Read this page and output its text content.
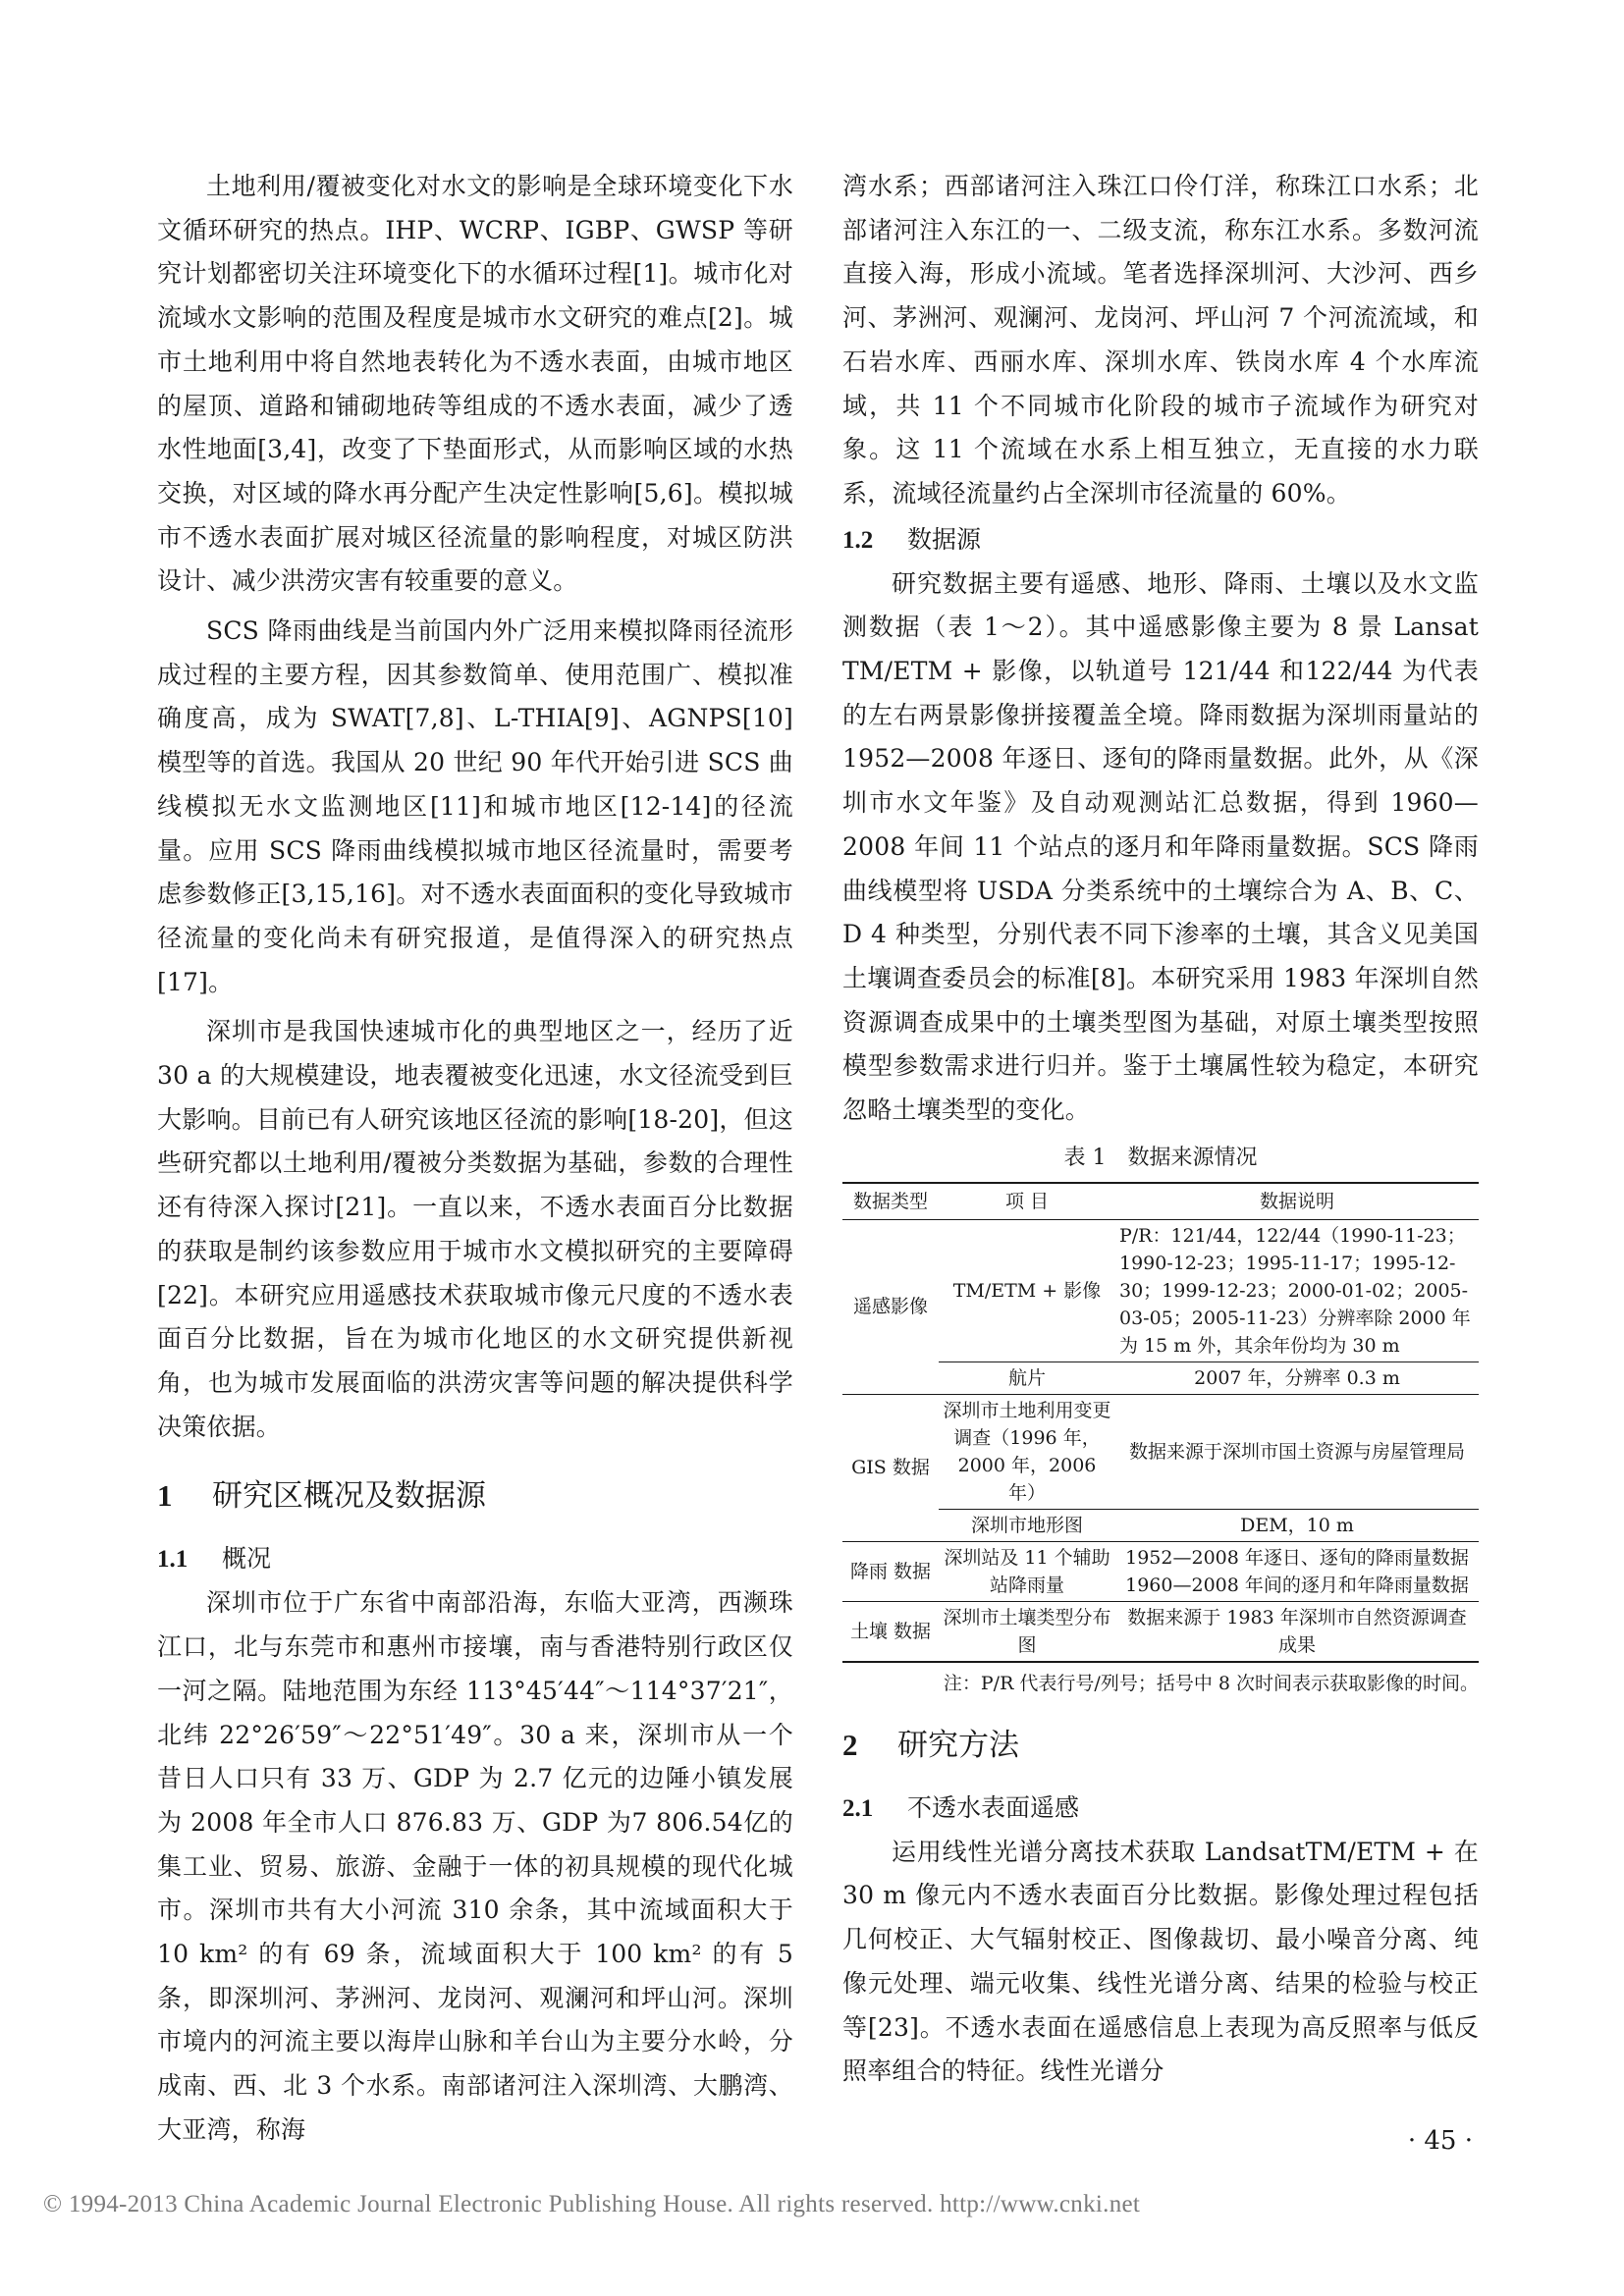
土地利用/覆被变化对水文的影响是全球环境变化下水文循环研究的热点。IHP、WCRP、IGBP、GWSP 等研究计划都密切关注环境变化下的水循环过程[1]。城市化对流域水文影响的范围及程度是城市水文研究的难点[2]。城市土地利用中将自然地表转化为不透水表面，由城市地区的屋顶、道路和铺砌地砖等组成的不透水表面，减少了透水性地面[3,4]，改变了下垫面形式，从而影响区域的水热交换，对区域的降水再分配产生决定性影响[5,6]。模拟城市不透水表面扩展对城区径流量的影响程度，对城区防洪设计、减少洪涝灾害有较重要的意义。

SCS 降雨曲线是当前国内外广泛用来模拟降雨径流形成过程的主要方程，因其参数简单、使用范围广、模拟准确度高，成为 SWAT[7,8]、L-THIA[9]、AGNPS[10] 模型等的首选。我国从 20 世纪 90 年代开始引进 SCS 曲线模拟无水文监测地区[11]和城市地区[12-14]的径流量。应用 SCS 降雨曲线模拟城市地区径流量时，需要考虑参数修正[3,15,16]。对不透水表面面积的变化导致城市径流量的变化尚未有研究报道，是值得深入的研究热点[17]。

深圳市是我国快速城市化的典型地区之一，经历了近 30 a 的大规模建设，地表覆被变化迅速，水文径流受到巨大影响。目前已有人研究该地区径流的影响[18-20]，但这些研究都以土地利用/覆被分类数据为基础，参数的合理性还有待深入探讨[21]。一直以来，不透水表面百分比数据的获取是制约该参数应用于城市水文模拟研究的主要障碍[22]。本研究应用遥感技术获取城市像元尺度的不透水表面百分比数据，旨在为城市化地区的水文研究提供新视角，也为城市发展面临的洪涝灾害等问题的解决提供科学决策依据。

1 研究区概况及数据源
1.1 概况

深圳市位于广东省中南部沿海，东临大亚湾，西濒珠江口，北与东莞市和惠州市接壤，南与香港特别行政区仅一河之隔。陆地范围为东经 113°45′44″～114°37′21″，北纬 22°26′59″～22°51′49″。30 a 来，深圳市从一个昔日人口只有 33 万、GDP 为 2.7 亿元的边陲小镇发展为 2008 年全市人口 876.83 万、GDP 为7 806.54亿的集工业、贸易、旅游、金融于一体的初具规模的现代化城市。深圳市共有大小河流 310 余条，其中流域面积大于 10 km² 的有 69 条，流域面积大于 100 km² 的有 5 条，即深圳河、茅洲河、龙岗河、观澜河和坪山河。深圳市境内的河流主要以海岸山脉和羊台山为主要分水岭，分成南、西、北 3 个水系。南部诸河注入深圳湾、大鹏湾、大亚湾，称海

湾水系；西部诸河注入珠江口伶仃洋，称珠江口水系；北部诸河注入东江的一、二级支流，称东江水系。多数河流直接入海，形成小流域。笔者选择深圳河、大沙河、西乡河、茅洲河、观澜河、龙岗河、坪山河 7 个河流流域，和石岩水库、西丽水库、深圳水库、铁岗水库 4 个水库流域，共 11 个不同城市化阶段的城市子流域作为研究对象。这 11 个流域在水系上相互独立，无直接的水力联系，流域径流量约占全深圳市径流量的 60%。

1.2 数据源

研究数据主要有遥感、地形、降雨、土壤以及水文监测数据（表 1～2）。其中遥感影像主要为 8 景 Lansat TM/ETM + 影像，以轨道号 121/44 和122/44 为代表的左右两景影像拼接覆盖全境。降雨数据为深圳雨量站的 1952—2008 年逐日、逐旬的降雨量数据。此外，从《深圳市水文年鉴》及自动观测站汇总数据，得到 1960—2008 年间 11 个站点的逐月和年降雨量数据。SCS 降雨曲线模型将 USDA 分类系统中的土壤综合为 A、B、C、D 4 种类型，分别代表不同下渗率的土壤，其含义见美国土壤调查委员会的标准[8]。本研究采用 1983 年深圳自然资源调查成果中的土壤类型图为基础，对原土壤类型按照模型参数需求进行归并。鉴于土壤属性较为稳定，本研究忽略土壤类型的变化。

表 1　数据来源情况
数据类型	项 目	数据说明
遥感影像	TM/ETM + 影像	P/R：121/44，122/44（1990-11-23；1990-12-23；1995-11-17；1995-12-30；1999-12-23；2000-01-02；2005-03-05；2005-11-23）分辨率除 2000 年为 15 m 外，其余年份均为 30 m
	航片	2007 年，分辨率 0.3 m
GIS 数据	深圳市土地利用变更调查（1996 年，2000 年，2006 年）	数据来源于深圳市国土资源与房屋管理局
	深圳市地形图	DEM，10 m
降雨 数据	深圳站及 11 个辅助站降雨量	1952—2008 年逐日、逐旬的降雨量数据 1960—2008 年间的逐月和年降雨量数据
土壤 数据	深圳市土壤类型分布图	数据来源于 1983 年深圳市自然资源调查成果
注：P/R 代表行号/列号；括号中 8 次时间表示获取影像的时间。
2 研究方法
2.1 不透水表面遥感

运用线性光谱分离技术获取 LandsatTM/ETM + 在 30 m 像元内不透水表面百分比数据。影像处理过程包括几何校正、大气辐射校正、图像裁切、最小噪音分离、纯像元处理、端元收集、线性光谱分离、结果的检验与校正等[23]。不透水表面在遥感信息上表现为高反照率与低反照率组合的特征。线性光谱分

· 45 ·
© 1994-2013 China Academic Journal Electronic Publishing House. All rights reserved. http://www.cnki.net
